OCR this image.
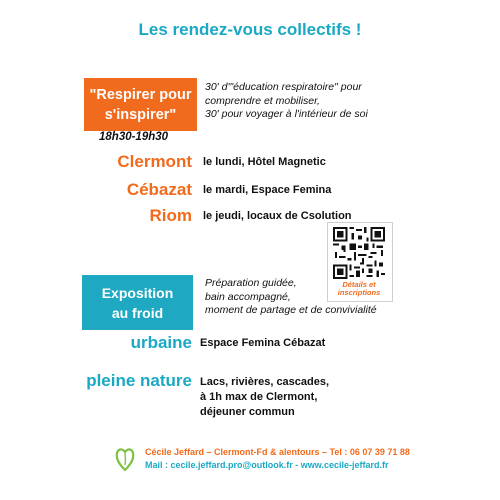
Les rendez-vous collectifs !
"Respirer pour
s'inspirer"
18h30-19h30
30' d'"éducation respiratoire" pour
comprendre et mobiliser,
30' pour voyager à l'intérieur de soi
Clermont le lundi, Hôtel Magnetic
Cébazat le mardi, Espace Femina
Riom le jeudi, locaux de Csolution
Détails et
inscriptions
Exposition
au froid
Préparation guidée,
bain accompagné,
moment de partage et de convivialité
urbaine Espace Femina Cébazat
pleine nature Lacs, rivières, cascades,
à 1h max de Clermont,
déjeuner commun
Cécile Jeffard – Clermont-Fd & alentours – Tel : 06 07 39 71 88
Mail : cecile.jeffard.pro@outlook.fr - www.cecile-jeffard.fr
